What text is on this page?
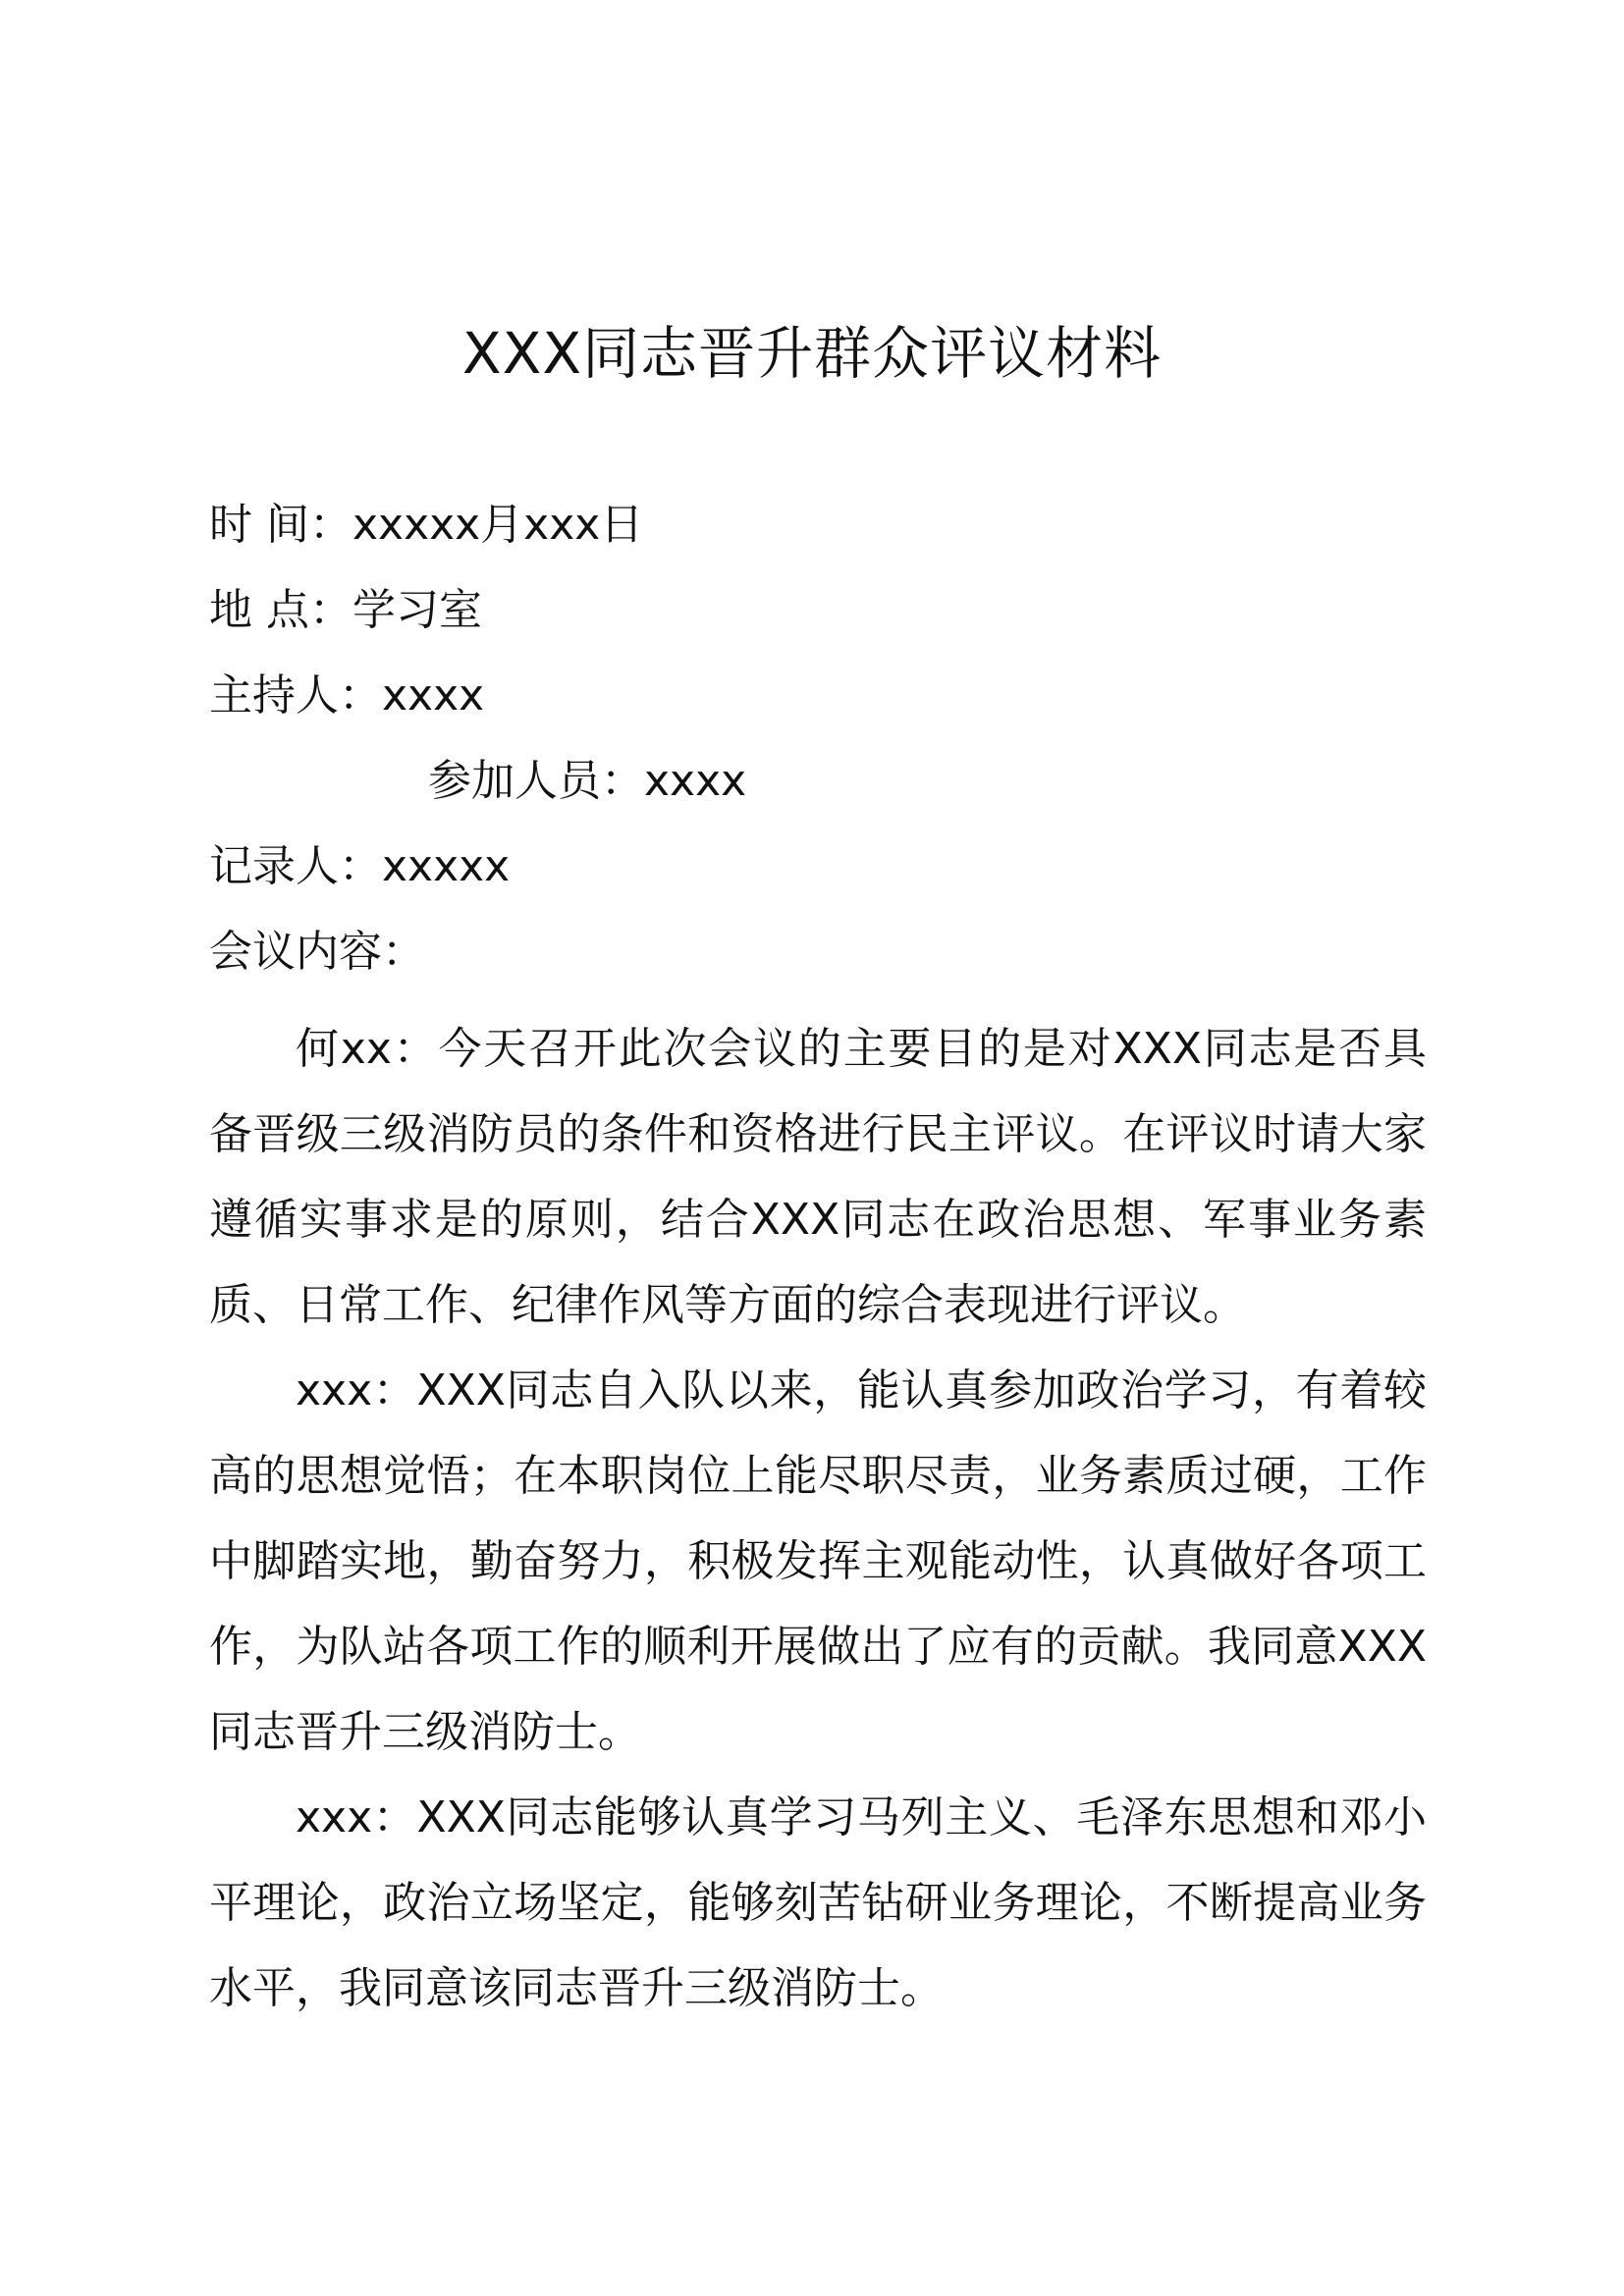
XXX同志晋升群众评议材料
时 间：xxxxx月xxx日
地 点：学习室
主持人：xxxx
参加人员：xxxx
记录人：xxxxx
会议内容：

何xx：今天召开此次会议的主要目的是对XXX同志是否具备晋级三级消防员的条件和资格进行民主评议。在评议时请大家遵循实事求是的原则，结合XXX同志在政治思想、军事业务素质、日常工作、纪律作风等方面的综合表现进行评议。

xxx：XXX同志自入队以来，能认真参加政治学习，有着较高的思想觉悟；在本职岗位上能尽职尽责，业务素质过硬，工作中脚踏实地，勤奋努力，积极发挥主观能动性，认真做好各项工作，为队站各项工作的顺利开展做出了应有的贡献。我同意XXX同志晋升三级消防士。

xxx：XXX同志能够认真学习马列主义、毛泽东思想和邓小平理论，政治立场坚定，能够刻苦钻研业务理论，不断提高业务水平，我同意该同志晋升三级消防士。
